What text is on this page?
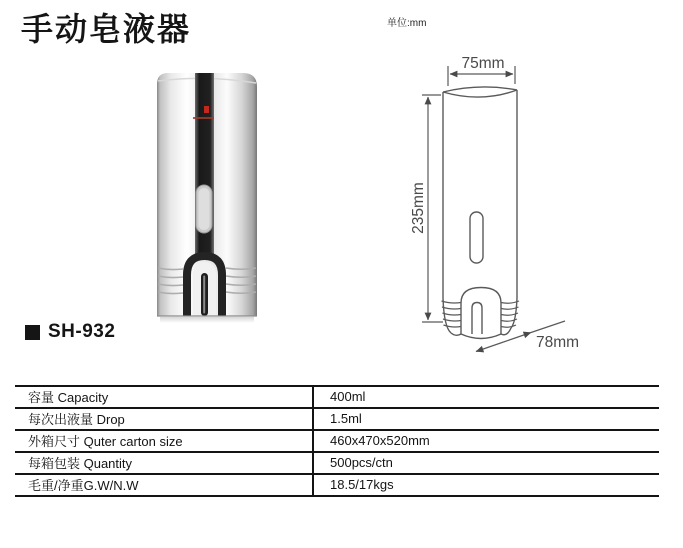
手动皂液器	单位:mm
75mm
235mm
78mm
SH-932
容量 Capacity	400ml
每次出液量 Drop	1.5ml
外箱尺寸 Quter carton size	460x470x520mm
每箱包装 Quantity	500pcs/ctn
毛重/净重G.W/N.W	18.5/17kgs
